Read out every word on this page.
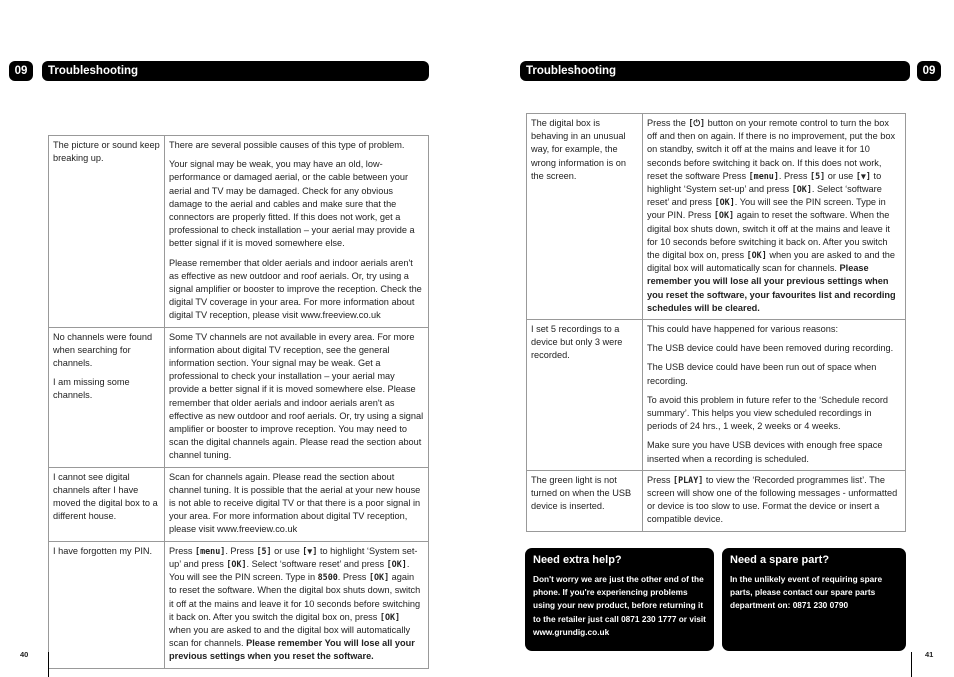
09	Troubleshooting

The picture or sound keep breaking up.	There are several possible causes of this type of problem.

Your signal may be weak, you may have an old, low-performance or damaged aerial, or the cable between your aerial and TV may be damaged. Check for any obvious damage to the aerial and cables and make sure that the connectors are properly fitted. If this does not work, get a professional to check installation – your aerial may provide a better signal if it is moved somewhere else.

Please remember that older aerials and indoor aerials aren't as effective as new outdoor and roof aerials. Or, try using a signal amplifier or booster to improve the reception. Check the digital TV coverage in your area. For more information about digital TV reception, please visit www.freeview.co.uk

No channels were found when searching for channels.

I am missing some channels.	Some TV channels are not available in every area. For more information about digital TV reception, see the general information section. Your signal may be weak. Get a professional to check your installation – your aerial may provide a better signal if it is moved somewhere else. Please remember that older aerials and indoor aerials aren't as effective as new outdoor and roof aerials. Or, try using a signal amplifier or booster to improve reception. You may need to scan the digital channels again. Please read the section about channel tuning.

I cannot see digital channels after I have moved the digital box to a different house.	Scan for channels again. Please read the section about channel tuning. It is possible that the aerial at your new house is not able to receive digital TV or that there is a poor signal in your area. For more information about digital TV reception, please visit www.freeview.co.uk

I have forgotten my PIN.	Press [menu]. Press [5] or use [▼] to highlight ‘System set-up’ and press [OK]. Select ‘software reset’ and press [OK]. You will see the PIN screen. Type in 8500. Press [OK] again to reset the software. When the digital box shuts down, switch it off at the mains and leave it for 10 seconds before switching it back on. After you switch the digital box on, press [OK] when you are asked to and the digital box will automatically scan for channels. Please remember You will lose all your previous settings when you reset the software.

40
Troubleshooting	09

The digital box is behaving in an unusual way, for example, the wrong information is on the screen.	Press the [⏻] button on your remote control to turn the box off and then on again. If there is no improvement, put the box on standby, switch it off at the mains and leave it for 10 seconds before switching it back on. If this does not work, reset the software Press [menu]. Press [5] or use [▼] to highlight ‘System set-up’ and press [OK]. Select ‘software reset’ and press [OK]. You will see the PIN screen. Type in your PIN. Press [OK] again to reset the software. When the digital box shuts down, switch it off at the mains and leave it for 10 seconds before switching it back on. After you switch the digital box on, press [OK] when you are asked to and the digital box will automatically scan for channels. Please remember you will lose all your previous settings when you reset the software, your favourites list and recording schedules will be cleared.

I set 5 recordings to a device but only 3 were recorded.	This could have happened for various reasons:

The USB device could have been removed during recording.

The USB device could have been run out of space when recording.

To avoid this problem in future refer to the ‘Schedule record summary’. This helps you view scheduled recordings in periods of 24 hrs., 1 week, 2 weeks or 4 weeks.

Make sure you have USB devices with enough free space inserted when a recording is scheduled.

The green light is not turned on when the USB device is inserted.	Press [PLAY] to view the ‘Recorded programmes list’. The screen will show one of the following messages - unformatted or device is too slow to use. Format the device or insert a compatible device.

Need extra help?

Don't worry we are just the other end of the phone. If you're experiencing problems using your new product, before returning it to the retailer just call 0871 230 1777 or visit www.grundig.co.uk

Need a spare part?

In the unlikely event of requiring spare parts, please contact our spare parts department on: 0871 230 0790

41
